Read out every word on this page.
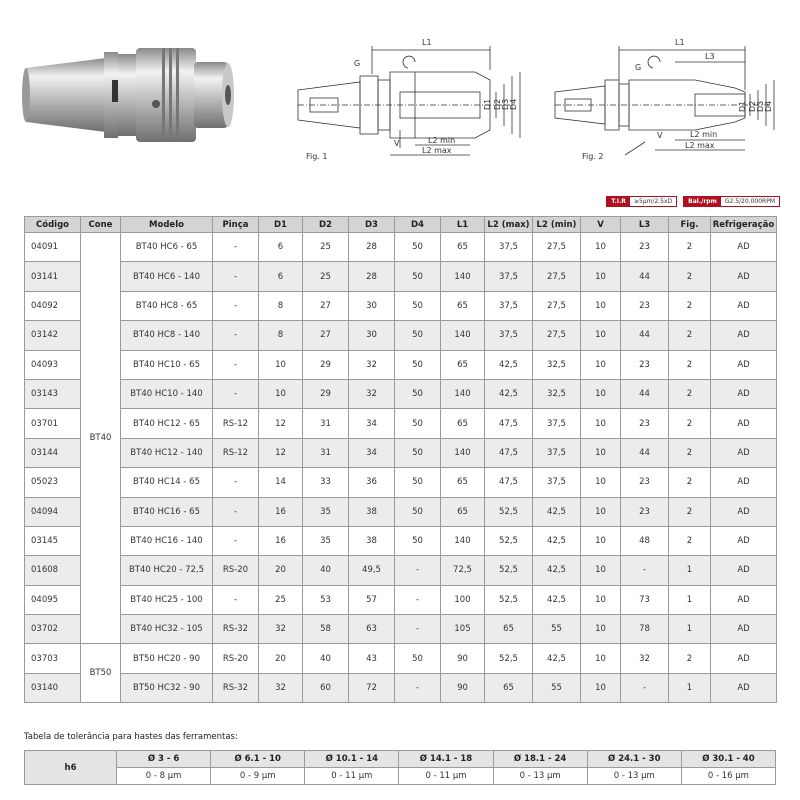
L1
G
D1 D2 D3 D4
L2 min
L2 max
V
Fig. 1
L1
L3
G
D1 D2 D3 D4
L2 min
L2 max
V
Fig. 2
T.I.R	≥5µm/2.5xD	Bal./rpm	G2.5/20.000RPM
Código	Cone	Modelo	Pinça	D1	D2	D3	D4	L1	L2 (max)	L2 (min)	V	L3	Fig.	Refrigeração
04091	BT40	BT40 HC6 - 65	-	6	25	28	50	65	37,5	27,5	10	23	2	AD
03141		BT40 HC6 - 140	-	6	25	28	50	140	37,5	27,5	10	44	2	AD
04092		BT40 HC8 - 65	-	8	27	30	50	65	37,5	27,5	10	23	2	AD
03142		BT40 HC8 - 140	-	8	27	30	50	140	37,5	27,5	10	44	2	AD
04093		BT40 HC10 - 65	-	10	29	32	50	65	42,5	32,5	10	23	2	AD
03143		BT40 HC10 - 140	-	10	29	32	50	140	42,5	32,5	10	44	2	AD
03701		BT40 HC12 - 65	RS-12	12	31	34	50	65	47,5	37,5	10	23	2	AD
03144		BT40 HC12 - 140	RS-12	12	31	34	50	140	47,5	37,5	10	44	2	AD
05023		BT40 HC14 - 65	-	14	33	36	50	65	47,5	37,5	10	23	2	AD
04094		BT40 HC16 - 65	-	16	35	38	50	65	52,5	42,5	10	23	2	AD
03145		BT40 HC16 - 140	-	16	35	38	50	140	52,5	42,5	10	48	2	AD
01608		BT40 HC20 - 72,5	RS-20	20	40	49,5	-	72,5	52,5	42,5	10	-	1	AD
04095		BT40 HC25 - 100	-	25	53	57	-	100	52,5	42,5	10	73	1	AD
03702		BT40 HC32 - 105	RS-32	32	58	63	-	105	65	55	10	78	1	AD
03703	BT50	BT50 HC20 - 90	RS-20	20	40	43	50	90	52,5	42,5	10	32	2	AD
03140		BT50 HC32 - 90	RS-32	32	60	72	-	90	65	55	10	-	1	AD
Tabela de tolerância para hastes das ferramentas:
h6	Ø 3 - 6	Ø 6.1 - 10	Ø 10.1 - 14	Ø 14.1 - 18	Ø 18.1 - 24	Ø 24.1 - 30	Ø 30.1 - 40
	0 - 8 µm	0 - 9 µm	0 - 11 µm	0 - 11 µm	0 - 13 µm	0 - 13 µm	0 - 16 µm
